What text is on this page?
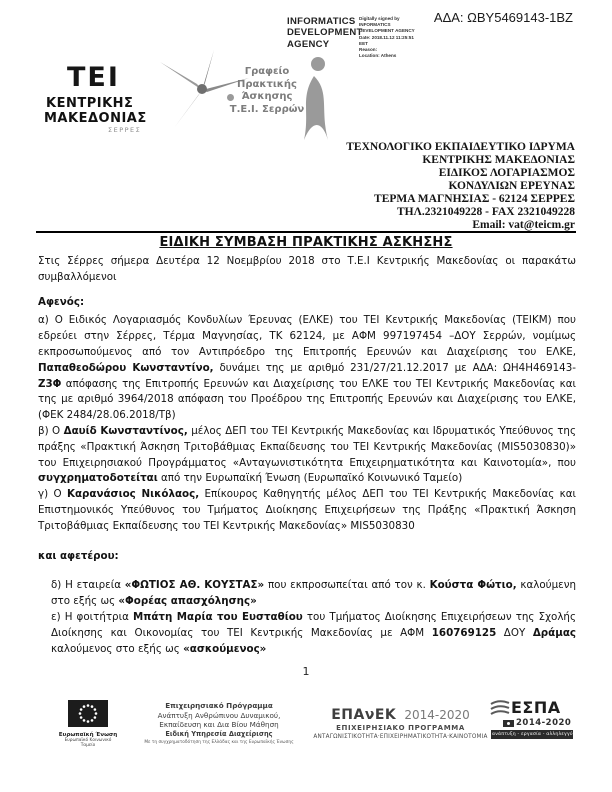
ΑΔΑ: ΩΒΥ5469143-1ΒΖ
INFORMATICS DEVELOPMENT AGENCY
Digitally signed by
INFORMATICS
DEVELOPMENT AGENCY
Date: 2018.11.12 11:25:51
EET
Reason:
Location: Athens
ΤΕΙ
ΚΕΝΤΡΙΚΗΣ
ΜΑΚΕΔΟΝΙΑΣ
ΣΕΡΡΕΣ
Γραφείο
Πρακτικής
Άσκησης
Τ.Ε.Ι. Σερρών
ΤΕΧΝΟΛΟΓΙΚΟ ΕΚΠΑΙΔΕΥΤΙΚΟ ΙΔΡΥΜΑ
ΚΕΝΤΡΙΚΗΣ ΜΑΚΕΔΟΝΙΑΣ
ΕΙΔΙΚΟΣ ΛΟΓΑΡΙΑΣΜΟΣ
ΚΟΝΔΥΛΙΩΝ ΕΡΕΥΝΑΣ
ΤΕΡΜΑ ΜΑΓΝΗΣΙΑΣ - 62124 ΣΕΡΡΕΣ
ΤΗΛ.2321049228 - FAX 2321049228
Email: vat@teicm.gr
ΕΙΔΙΚΗ ΣΥΜΒΑΣΗ ΠΡΑΚΤΙΚΗΣ ΑΣΚΗΣΗΣ

Στις Σέρρες σήμερα Δευτέρα 12 Νοεμβρίου 2018 στο Τ.Ε.Ι Κεντρικής Μακεδονίας οι παρακάτω συμβαλλόμενοι

Αφενός:

α) Ο Ειδικός Λογαριασμός Κονδυλίων Έρευνας (ΕΛΚΕ) του ΤΕΙ Κεντρικής Μακεδονίας (ΤΕΙΚΜ) που εδρεύει στην Σέρρες, Τέρμα Μαγνησίας, ΤΚ 62124, με ΑΦΜ 997197454 –ΔΟΥ Σερρών, νομίμως εκπροσωπούμενος από τον Αντιπρόεδρο της Επιτροπής Ερευνών και Διαχείρισης του ΕΛΚΕ, Παπαθεοδώρου Κωνσταντίνο, δυνάμει της με αριθμό 231/27/21.12.2017 με ΑΔΑ: ΩΗ4Η469143-Ζ3Φ απόφασης της Επιτροπής Ερευνών και Διαχείρισης του ΕΛΚΕ του ΤΕΙ Κεντρικής Μακεδονίας και της με αριθμό 3964/2018 απόφαση του Προέδρου της Επιτροπής Ερευνών και Διαχείρισης του ΕΛΚΕ,(ΦΕΚ 2484/28.06.2018/Τβ)

β) Ο Δαυίδ Κωνσταντίνος, μέλος ΔΕΠ του ΤΕΙ Κεντρικής Μακεδονίας και Ιδρυματικός Υπεύθυνος της πράξης «Πρακτική Άσκηση Τριτοβάθμιας Εκπαίδευσης του ΤΕΙ Κεντρικής Μακεδονίας (MIS5030830)» του Επιχειρησιακού Προγράμματος «Ανταγωνιστικότητα Επιχειρηματικότητα και Καινοτομία», που συγχρηματοδοτείται από την Ευρωπαϊκή Ένωση (Ευρωπαϊκό Κοινωνικό Ταμείο)

γ) Ο Καρανάσιος Νικόλαος, Επίκουρος Καθηγητής μέλος ΔΕΠ του ΤΕΙ Κεντρικής Μακεδονίας και Επιστημονικός Υπεύθυνος του Τμήματος Διοίκησης Επιχειρήσεων της Πράξης «Πρακτική Άσκηση Τριτοβάθμιας Εκπαίδευσης του ΤΕΙ Κεντρικής Μακεδονίας» MIS5030830

και αφετέρου:

δ) Η εταιρεία «ΦΩΤΙΟΣ ΑΘ. ΚΟΥΣΤΑΣ» που εκπροσωπείται από τον κ. Κούστα Φώτιο, καλούμενη στο εξής ως «Φορέας απασχόλησης»

ε) Η φοιτήτρια Μπάτη Μαρία του Ευσταθίου του Τμήματος Διοίκησης Επιχειρήσεων της Σχολής Διοίκησης και Οικονομίας του ΤΕΙ Κεντρικής Μακεδονίας με ΑΦΜ 160769125 ΔΟΥ Δράμας καλούμενος στο εξής ως «ασκούμενος»

1
Ευρωπαϊκή Ένωση
Ευρωπαϊκό Κοινωνικό Ταμείο
Επιχειρησιακό Πρόγραμμα
Ανάπτυξη Ανθρώπινου Δυναμικού,
Εκπαίδευση και Δια Βίου Μάθηση
Ειδική Υπηρεσία Διαχείρισης
Με τη συγχρηματοδότηση της Ελλάδας και της Ευρωπαϊκής Ένωσης
ΕΠΑνΕΚ 2014-2020
ΕΠΙΧΕΙΡΗΣΙΑΚΟ ΠΡΟΓΡΑΜΜΑ
ΑΝΤΑΓΩΝΙΣΤΙΚΟΤΗΤΑ·ΕΠΙΧΕΙΡΗΜΑΤΙΚΟΤΗΤΑ·ΚΑΙΝΟΤΟΜΙΑ
ΕΣΠΑ
2014-2020
ανάπτυξη - εργασία - αλληλεγγύη
